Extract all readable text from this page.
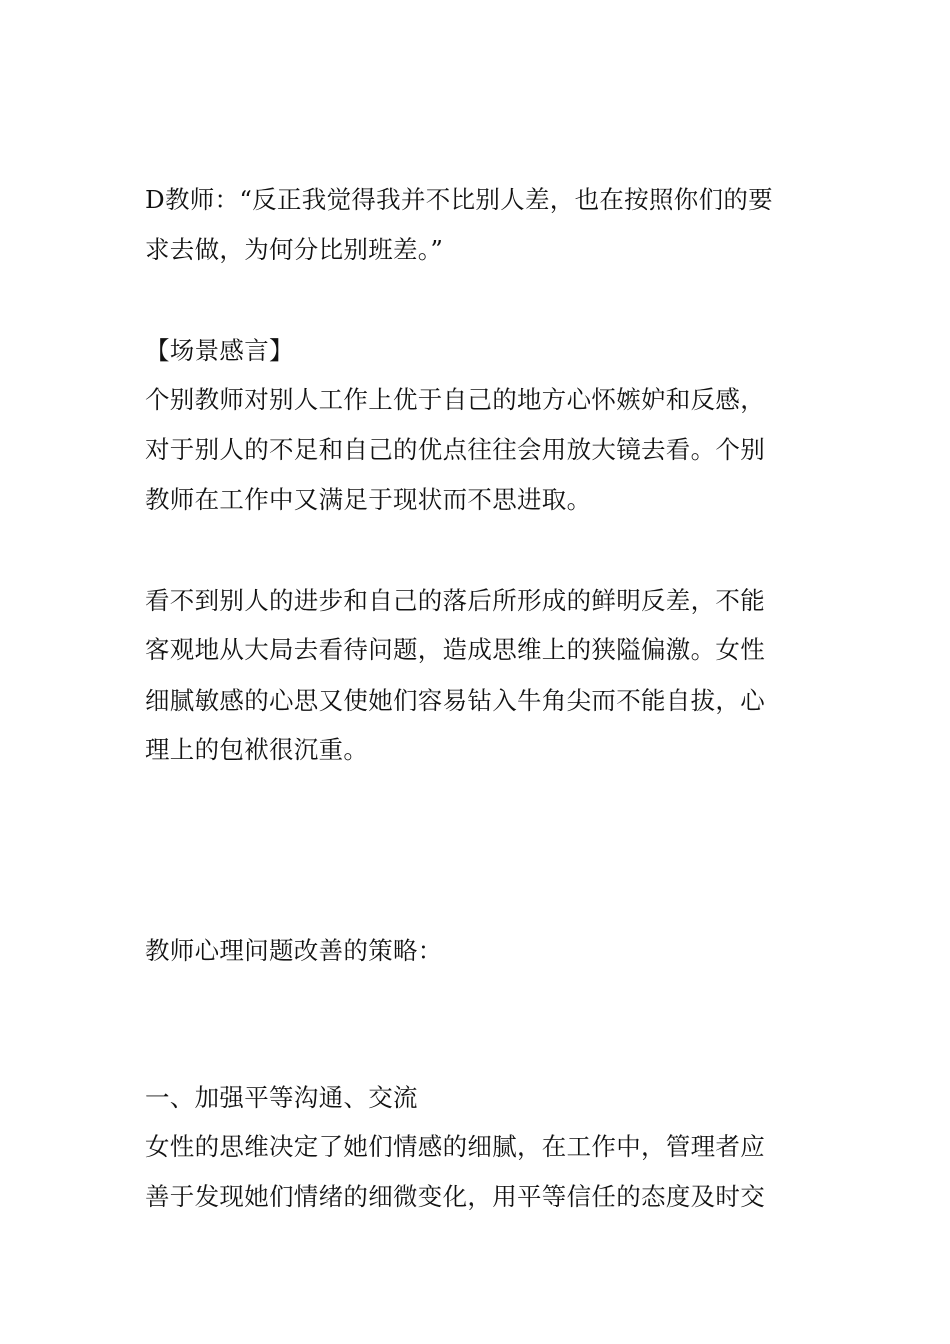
D教师：“反正我觉得我并不比别人差，也在按照你们的要
求去做，为何分比别班差。”
【场景感言】
个别教师对别人工作上优于自己的地方心怀嫉妒和反感，
对于别人的不足和自己的优点往往会用放大镜去看。个别
教师在工作中又满足于现状而不思进取。
看不到别人的进步和自己的落后所形成的鲜明反差，不能
客观地从大局去看待问题，造成思维上的狭隘偏激。女性
细腻敏感的心思又使她们容易钻入牛角尖而不能自拔，心
理上的包袱很沉重。
教师心理问题改善的策略：
一、加强平等沟通、交流
女性的思维决定了她们情感的细腻，在工作中，管理者应
善于发现她们情绪的细微变化，用平等信任的态度及时交
